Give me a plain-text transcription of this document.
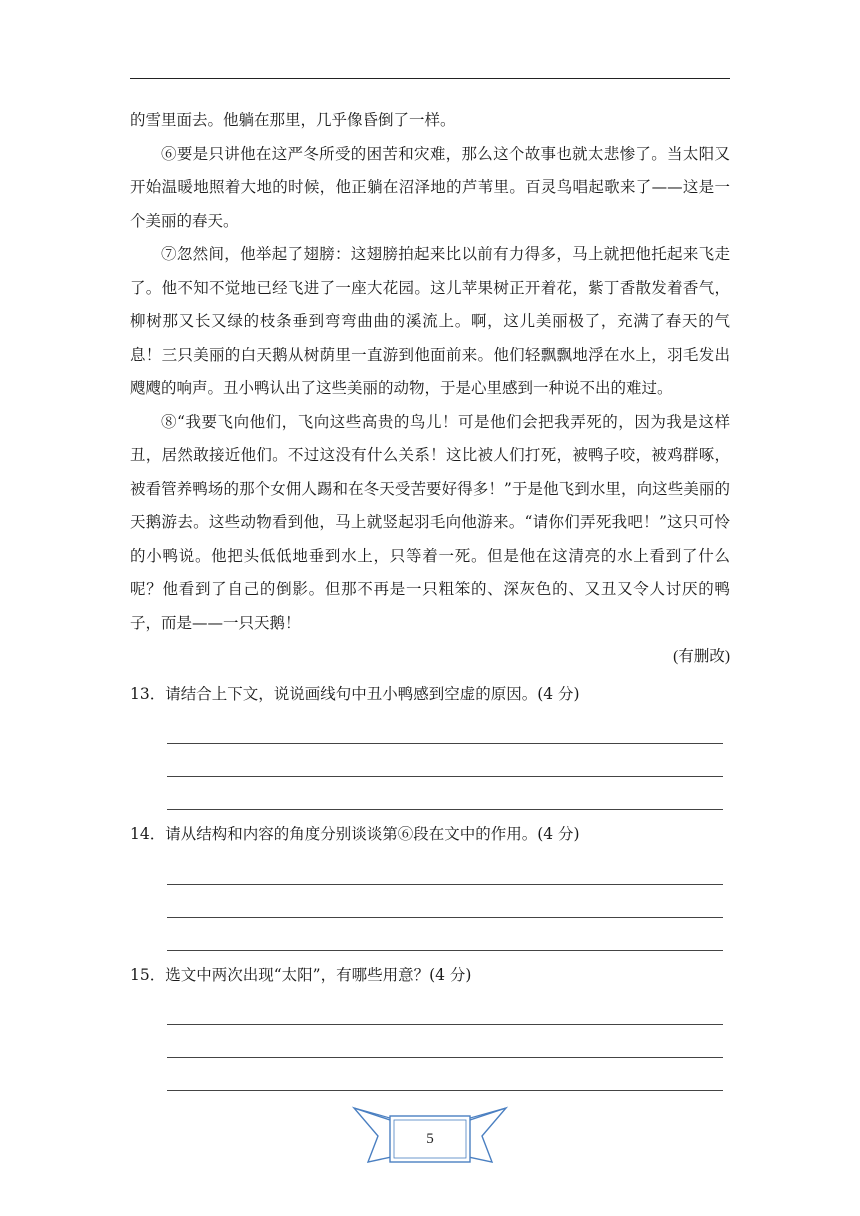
的雪里面去。他躺在那里，几乎像昏倒了一样。

⑥要是只讲他在这严冬所受的困苦和灾难，那么这个故事也就太悲惨了。当太阳又开始温暖地照着大地的时候，他正躺在沼泽地的芦苇里。百灵鸟唱起歌来了——这是一个美丽的春天。

⑦忽然间，他举起了翅膀：这翅膀拍起来比以前有力得多，马上就把他托起来飞走了。他不知不觉地已经飞进了一座大花园。这儿苹果树正开着花，紫丁香散发着香气，柳树那又长又绿的枝条垂到弯弯曲曲的溪流上。啊，这儿美丽极了，充满了春天的气息！三只美丽的白天鹅从树荫里一直游到他面前来。他们轻飘飘地浮在水上，羽毛发出飕飕的响声。丑小鸭认出了这些美丽的动物，于是心里感到一种说不出的难过。

⑧“我要飞向他们，飞向这些高贵的鸟儿！可是他们会把我弄死的，因为我是这样丑，居然敢接近他们。不过这没有什么关系！这比被人们打死，被鸭子咬，被鸡群啄，被看管养鸭场的那个女佣人踢和在冬天受苦要好得多！”于是他飞到水里，向这些美丽的天鹅游去。这些动物看到他，马上就竖起羽毛向他游来。“请你们弄死我吧！”这只可怜的小鸭说。他把头低低地垂到水上，只等着一死。但是他在这清亮的水上看到了什么呢？他看到了自己的倒影。但那不再是一只粗笨的、深灰色的、又丑又令人讨厌的鸭子，而是——一只天鹅！

(有删改)

13．请结合上下文，说说画线句中丑小鸭感到空虚的原因。(4 分)

14．请从结构和内容的角度分别谈谈第⑥段在文中的作用。(4 分)

15．选文中两次出现“太阳”，有哪些用意？(4 分)

5
